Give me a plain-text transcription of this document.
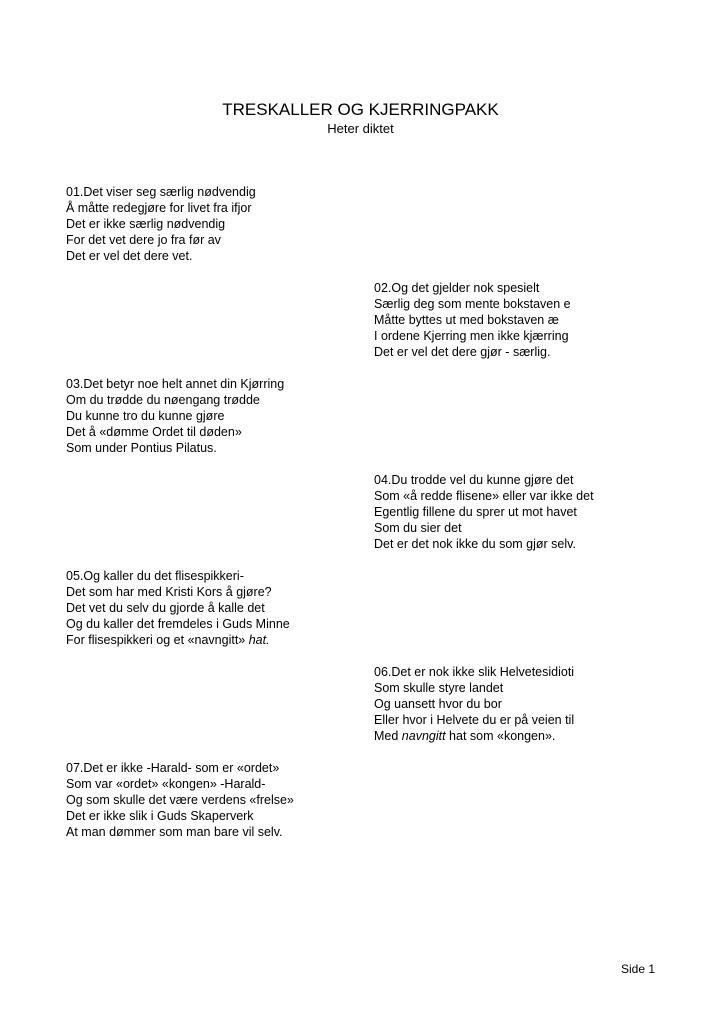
TRESKALLER OG KJERRINGPAKK

Heter diktet

01.Det viser seg særlig nødvendig
Å måtte redegjøre for livet fra ifjor
Det er ikke særlig nødvendig
For det vet dere jo fra før av
Det er vel det dere vet.
02.Og det gjelder nok spesielt
Særlig deg som mente bokstaven e
Måtte byttes ut med bokstaven æ
I ordene Kjerring men ikke kjærring
Det er vel det dere gjør - særlig.
03.Det betyr noe helt annet din Kjørring
Om du trødde du nøengang trødde
Du kunne tro du kunne gjøre
Det å «dømme Ordet til døden»
Som under Pontius Pilatus.
04.Du trodde vel du kunne gjøre det
Som «å redde flisene» eller var ikke det
Egentlig fillene du sprer ut mot havet
Som du sier det
Det er det nok ikke du som gjør selv.
05.Og kaller du det flisespikkeri-
Det som har med Kristi Kors å gjøre?
Det vet du selv du gjorde å kalle det
Og du kaller det fremdeles i Guds Minne
For flisespikkeri og et «navngitt» hat.
06.Det er nok ikke slik Helvetesidioti
Som skulle styre landet
Og uansett hvor du bor
Eller hvor i Helvete du er på veien til
Med navngitt hat som «kongen».
07.Det er ikke -Harald- som er «ordet»
Som var «ordet» «kongen» -Harald-
Og som skulle det være verdens «frelse»
Det er ikke slik i Guds Skaperverk
At man dømmer som man bare vil selv.

Side 1
